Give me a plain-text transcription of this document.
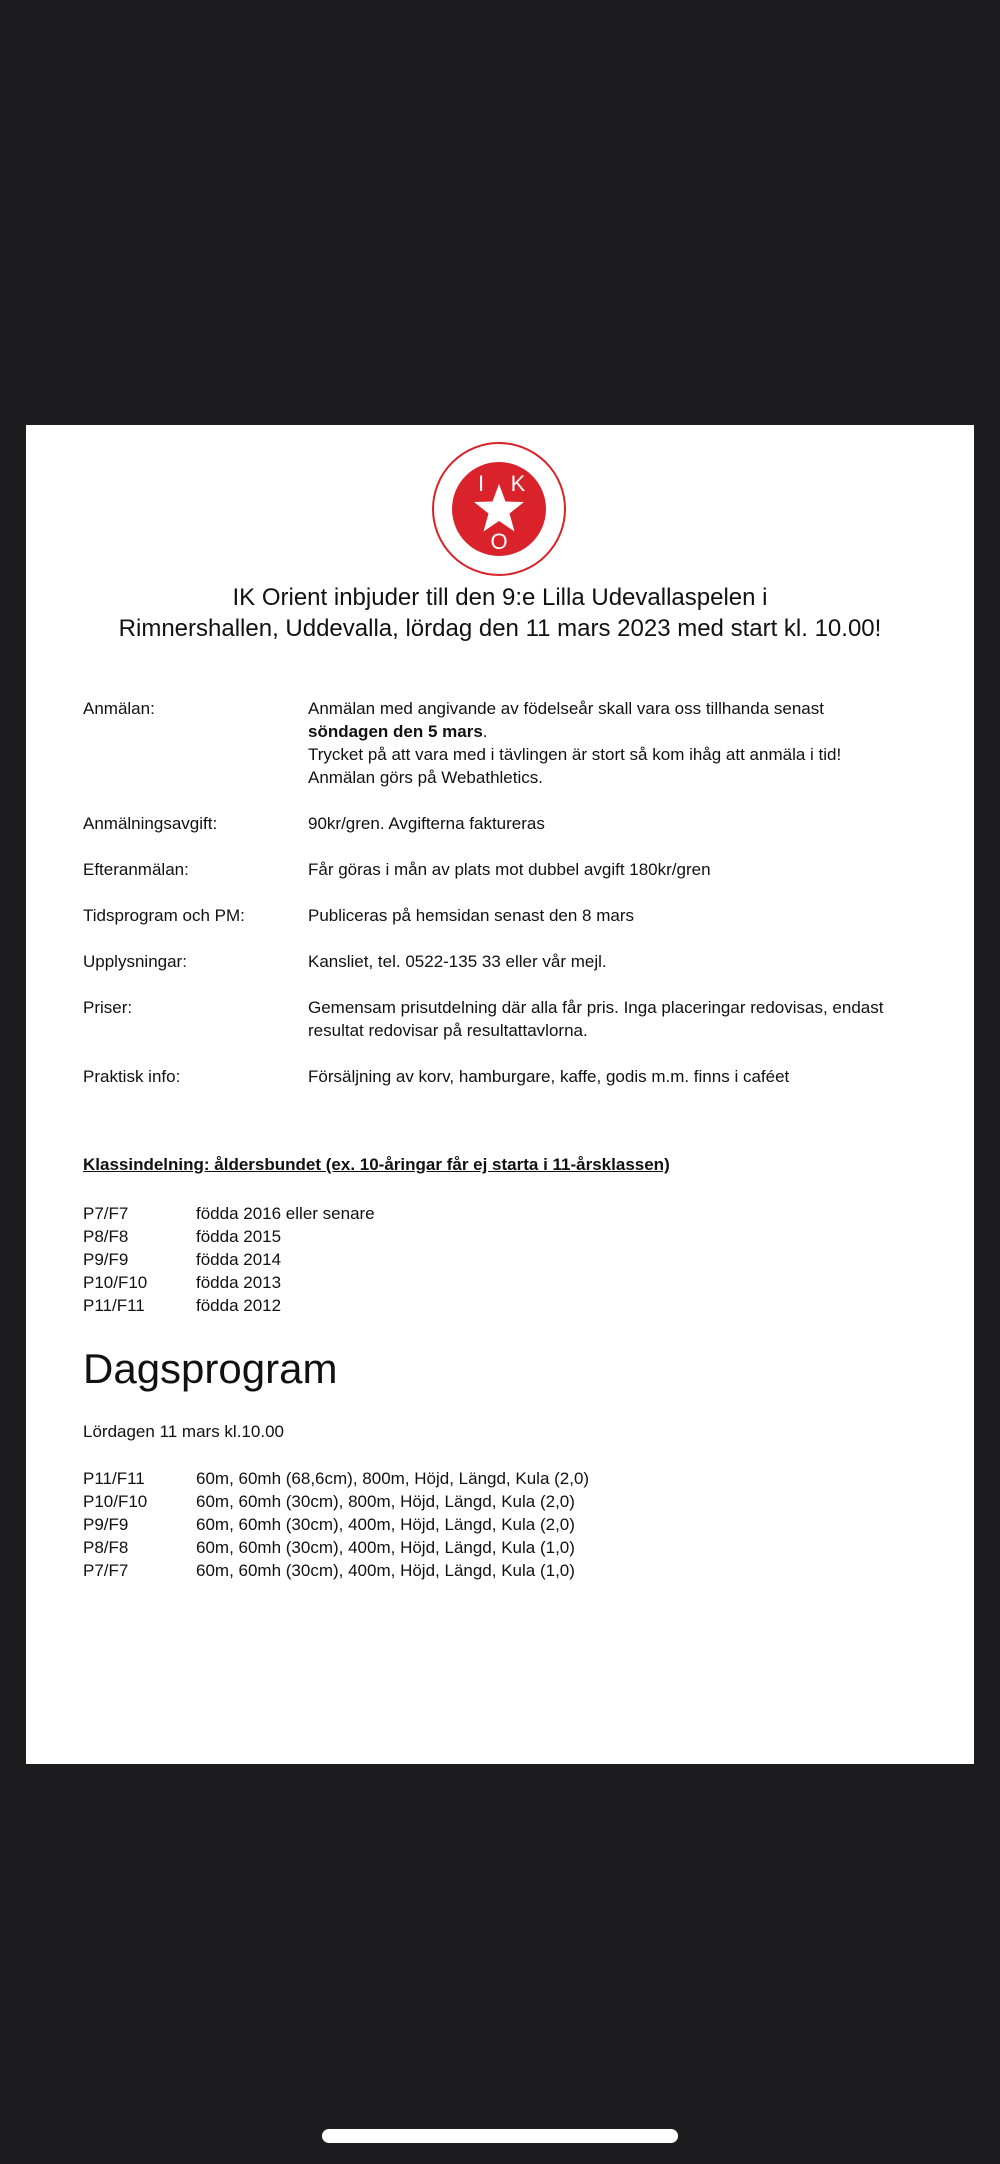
I K
O
IK Orient inbjuder till den 9:e Lilla Udevallaspelen i
Rimnershallen, Uddevalla, lördag den 11 mars 2023 med start kl. 10.00!
Anmälan:	Anmälan med angivande av födelseår skall vara oss tillhanda senast
söndagen den 5 mars.
Trycket på att vara med i tävlingen är stort så kom ihåg att anmäla i tid!
Anmälan görs på Webathletics.
Anmälningsavgift:	90kr/gren. Avgifterna faktureras
Efteranmälan:	Får göras i mån av plats mot dubbel avgift 180kr/gren
Tidsprogram och PM:	Publiceras på hemsidan senast den 8 mars
Upplysningar:	Kansliet, tel. 0522-135 33 eller vår mejl.
Priser:	Gemensam prisutdelning där alla får pris. Inga placeringar redovisas, endast
resultat redovisar på resultattavlorna.
Praktisk info:	Försäljning av korv, hamburgare, kaffe, godis m.m. finns i caféet
Klassindelning: åldersbundet (ex. 10-åringar får ej starta i 11-årsklassen)
P7/F7	födda 2016 eller senare
P8/F8	födda 2015
P9/F9	födda 2014
P10/F10	födda 2013
P11/F11	födda 2012
Dagsprogram
Lördagen 11 mars kl.10.00
P11/F11	60m, 60mh (68,6cm), 800m, Höjd, Längd, Kula (2,0)
P10/F10	60m, 60mh (30cm), 800m, Höjd, Längd, Kula (2,0)
P9/F9	60m, 60mh (30cm), 400m, Höjd, Längd, Kula (2,0)
P8/F8	60m, 60mh (30cm), 400m, Höjd, Längd, Kula (1,0)
P7/F7	60m, 60mh (30cm), 400m, Höjd, Längd, Kula (1,0)
